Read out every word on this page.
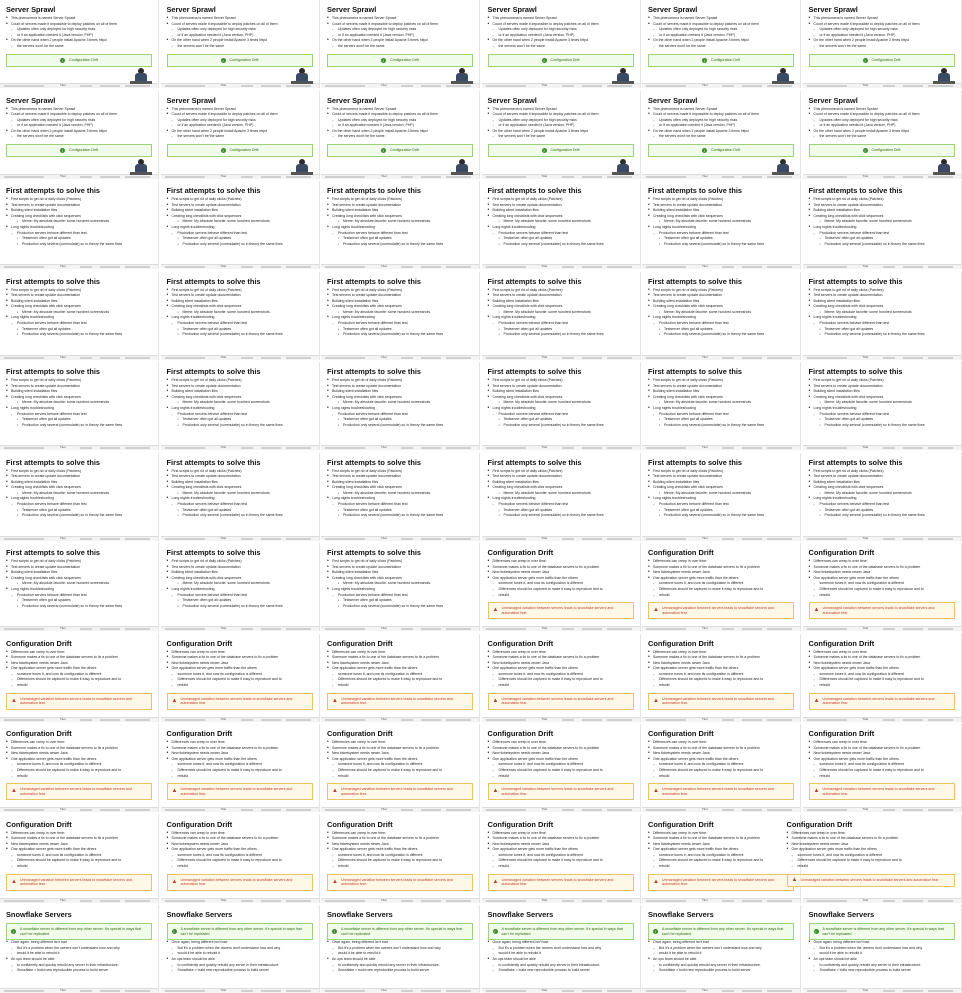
Server Sprawl
• This phenomena is named Server Sprawl
• Count of servers made it impossible to deploy patches on all of them
◦ Updates often only deployed for high security risks
◦ or if an application needed it (Java version, PHP)
• On the other hand when 2 people install Apache 3 times httpd
◦ the servers won't be the same
i	Configuration Drift
Titel
Server Sprawl
• This phenomena is named Server Sprawl
• Count of servers made it impossible to deploy patches on all of them
◦ Updates often only deployed for high security risks
◦ or if an application needed it (Java version, PHP)
• On the other hand when 2 people install Apache 3 times httpd
◦ the servers won't be the same
i	Configuration Drift
Titel
Server Sprawl
• This phenomena is named Server Sprawl
• Count of servers made it impossible to deploy patches on all of them
◦ Updates often only deployed for high security risks
◦ or if an application needed it (Java version, PHP)
• On the other hand when 2 people install Apache 3 times httpd
◦ the servers won't be the same
i	Configuration Drift
Titel
Server Sprawl
• This phenomena is named Server Sprawl
• Count of servers made it impossible to deploy patches on all of them
◦ Updates often only deployed for high security risks
◦ or if an application needed it (Java version, PHP)
• On the other hand when 2 people install Apache 3 times httpd
◦ the servers won't be the same
i	Configuration Drift
Titel
Server Sprawl
• This phenomena is named Server Sprawl
• Count of servers made it impossible to deploy patches on all of them
◦ Updates often only deployed for high security risks
◦ or if an application needed it (Java version, PHP)
• On the other hand when 2 people install Apache 3 times httpd
◦ the servers won't be the same
i	Configuration Drift
Titel
Server Sprawl
• This phenomena is named Server Sprawl
• Count of servers made it impossible to deploy patches on all of them
◦ Updates often only deployed for high security risks
◦ or if an application needed it (Java version, PHP)
• On the other hand when 2 people install Apache 3 times httpd
◦ the servers won't be the same
i	Configuration Drift
Titel
Server Sprawl
• This phenomena is named Server Sprawl
• Count of servers made it impossible to deploy patches on all of them
◦ Updates often only deployed for high security risks
◦ or if an application needed it (Java version, PHP)
• On the other hand when 2 people install Apache 3 times httpd
◦ the servers won't be the same
i	Configuration Drift
Titel
Server Sprawl
• This phenomena is named Server Sprawl
• Count of servers made it impossible to deploy patches on all of them
◦ Updates often only deployed for high security risks
◦ or if an application needed it (Java version, PHP)
• On the other hand when 2 people install Apache 3 times httpd
◦ the servers won't be the same
i	Configuration Drift
Titel
Server Sprawl
• This phenomena is named Server Sprawl
• Count of servers made it impossible to deploy patches on all of them
◦ Updates often only deployed for high security risks
◦ or if an application needed it (Java version, PHP)
• On the other hand when 2 people install Apache 3 times httpd
◦ the servers won't be the same
i	Configuration Drift
Titel
Server Sprawl
• This phenomena is named Server Sprawl
• Count of servers made it impossible to deploy patches on all of them
◦ Updates often only deployed for high security risks
◦ or if an application needed it (Java version, PHP)
• On the other hand when 2 people install Apache 3 times httpd
◦ the servers won't be the same
i	Configuration Drift
Titel
Server Sprawl
• This phenomena is named Server Sprawl
• Count of servers made it impossible to deploy patches on all of them
◦ Updates often only deployed for high security risks
◦ or if an application needed it (Java version, PHP)
• On the other hand when 2 people install Apache 3 times httpd
◦ the servers won't be the same
i	Configuration Drift
Titel
Server Sprawl
• This phenomena is named Server Sprawl
• Count of servers made it impossible to deploy patches on all of them
◦ Updates often only deployed for high security risks
◦ or if an application needed it (Java version, PHP)
• On the other hand when 2 people install Apache 3 times httpd
◦ the servers won't be the same
i	Configuration Drift
Titel
First attempts to solve this
• First scripts to get rid of daily clicks (Patches)
• Test servers to create update documentation
• Building silent installation files
• Creating long checklists with click sequences
▪ Meme: My absolute favorite: some hundred screenshots
• Long nights troubleshooting
◦ Production servers behave different than test
▪ Testserver often got all updates
▪ Production only several (cummulatie) so in theory the same fixes
Titel
First attempts to solve this
• First scripts to get rid of daily clicks (Patches)
• Test servers to create update documentation
• Building silent installation files
• Creating long checklists with click sequences
▪ Meme: My absolute favorite: some hundred screenshots
• Long nights troubleshooting
◦ Production servers behave different than test
▪ Testserver often got all updates
▪ Production only several (cummulatie) so in theory the same fixes
Titel
First attempts to solve this
• First scripts to get rid of daily clicks (Patches)
• Test servers to create update documentation
• Building silent installation files
• Creating long checklists with click sequences
▪ Meme: My absolute favorite: some hundred screenshots
• Long nights troubleshooting
◦ Production servers behave different than test
▪ Testserver often got all updates
▪ Production only several (cummulatie) so in theory the same fixes
Titel
First attempts to solve this
• First scripts to get rid of daily clicks (Patches)
• Test servers to create update documentation
• Building silent installation files
• Creating long checklists with click sequences
▪ Meme: My absolute favorite: some hundred screenshots
• Long nights troubleshooting
◦ Production servers behave different than test
▪ Testserver often got all updates
▪ Production only several (cummulatie) so in theory the same fixes
Titel
First attempts to solve this
• First scripts to get rid of daily clicks (Patches)
• Test servers to create update documentation
• Building silent installation files
• Creating long checklists with click sequences
▪ Meme: My absolute favorite: some hundred screenshots
• Long nights troubleshooting
◦ Production servers behave different than test
▪ Testserver often got all updates
▪ Production only several (cummulatie) so in theory the same fixes
Titel
First attempts to solve this
• First scripts to get rid of daily clicks (Patches)
• Test servers to create update documentation
• Building silent installation files
• Creating long checklists with click sequences
▪ Meme: My absolute favorite: some hundred screenshots
• Long nights troubleshooting
◦ Production servers behave different than test
▪ Testserver often got all updates
▪ Production only several (cummulatie) so in theory the same fixes
Titel
First attempts to solve this
• First scripts to get rid of daily clicks (Patches)
• Test servers to create update documentation
• Building silent installation files
• Creating long checklists with click sequences
▪ Meme: My absolute favorite: some hundred screenshots
• Long nights troubleshooting
◦ Production servers behave different than test
▪ Testserver often got all updates
▪ Production only several (cummulatie) so in theory the same fixes
Titel
First attempts to solve this
• First scripts to get rid of daily clicks (Patches)
• Test servers to create update documentation
• Building silent installation files
• Creating long checklists with click sequences
▪ Meme: My absolute favorite: some hundred screenshots
• Long nights troubleshooting
◦ Production servers behave different than test
▪ Testserver often got all updates
▪ Production only several (cummulatie) so in theory the same fixes
Titel
First attempts to solve this
• First scripts to get rid of daily clicks (Patches)
• Test servers to create update documentation
• Building silent installation files
• Creating long checklists with click sequences
▪ Meme: My absolute favorite: some hundred screenshots
• Long nights troubleshooting
◦ Production servers behave different than test
▪ Testserver often got all updates
▪ Production only several (cummulatie) so in theory the same fixes
Titel
First attempts to solve this
• First scripts to get rid of daily clicks (Patches)
• Test servers to create update documentation
• Building silent installation files
• Creating long checklists with click sequences
▪ Meme: My absolute favorite: some hundred screenshots
• Long nights troubleshooting
◦ Production servers behave different than test
▪ Testserver often got all updates
▪ Production only several (cummulatie) so in theory the same fixes
Titel
First attempts to solve this
• First scripts to get rid of daily clicks (Patches)
• Test servers to create update documentation
• Building silent installation files
• Creating long checklists with click sequences
▪ Meme: My absolute favorite: some hundred screenshots
• Long nights troubleshooting
◦ Production servers behave different than test
▪ Testserver often got all updates
▪ Production only several (cummulatie) so in theory the same fixes
Titel
First attempts to solve this
• First scripts to get rid of daily clicks (Patches)
• Test servers to create update documentation
• Building silent installation files
• Creating long checklists with click sequences
▪ Meme: My absolute favorite: some hundred screenshots
• Long nights troubleshooting
◦ Production servers behave different than test
▪ Testserver often got all updates
▪ Production only several (cummulatie) so in theory the same fixes
Titel
First attempts to solve this
• First scripts to get rid of daily clicks (Patches)
• Test servers to create update documentation
• Building silent installation files
• Creating long checklists with click sequences
▪ Meme: My absolute favorite: some hundred screenshots
• Long nights troubleshooting
◦ Production servers behave different than test
▪ Testserver often got all updates
▪ Production only several (cummulatie) so in theory the same fixes
Titel
First attempts to solve this
• First scripts to get rid of daily clicks (Patches)
• Test servers to create update documentation
• Building silent installation files
• Creating long checklists with click sequences
▪ Meme: My absolute favorite: some hundred screenshots
• Long nights troubleshooting
◦ Production servers behave different than test
▪ Testserver often got all updates
▪ Production only several (cummulatie) so in theory the same fixes
Titel
First attempts to solve this
• First scripts to get rid of daily clicks (Patches)
• Test servers to create update documentation
• Building silent installation files
• Creating long checklists with click sequences
▪ Meme: My absolute favorite: some hundred screenshots
• Long nights troubleshooting
◦ Production servers behave different than test
▪ Testserver often got all updates
▪ Production only several (cummulatie) so in theory the same fixes
Titel
First attempts to solve this
• First scripts to get rid of daily clicks (Patches)
• Test servers to create update documentation
• Building silent installation files
• Creating long checklists with click sequences
▪ Meme: My absolute favorite: some hundred screenshots
• Long nights troubleshooting
◦ Production servers behave different than test
▪ Testserver often got all updates
▪ Production only several (cummulatie) so in theory the same fixes
Titel
First attempts to solve this
• First scripts to get rid of daily clicks (Patches)
• Test servers to create update documentation
• Building silent installation files
• Creating long checklists with click sequences
▪ Meme: My absolute favorite: some hundred screenshots
• Long nights troubleshooting
◦ Production servers behave different than test
▪ Testserver often got all updates
▪ Production only several (cummulatie) so in theory the same fixes
Titel
First attempts to solve this
• First scripts to get rid of daily clicks (Patches)
• Test servers to create update documentation
• Building silent installation files
• Creating long checklists with click sequences
▪ Meme: My absolute favorite: some hundred screenshots
• Long nights troubleshooting
◦ Production servers behave different than test
▪ Testserver often got all updates
▪ Production only several (cummulatie) so in theory the same fixes
Titel
First attempts to solve this
• First scripts to get rid of daily clicks (Patches)
• Test servers to create update documentation
• Building silent installation files
• Creating long checklists with click sequences
▪ Meme: My absolute favorite: some hundred screenshots
• Long nights troubleshooting
◦ Production servers behave different than test
▪ Testserver often got all updates
▪ Production only several (cummulatie) so in theory the same fixes
Titel
First attempts to solve this
• First scripts to get rid of daily clicks (Patches)
• Test servers to create update documentation
• Building silent installation files
• Creating long checklists with click sequences
▪ Meme: My absolute favorite: some hundred screenshots
• Long nights troubleshooting
◦ Production servers behave different than test
▪ Testserver often got all updates
▪ Production only several (cummulatie) so in theory the same fixes
Titel
First attempts to solve this
• First scripts to get rid of daily clicks (Patches)
• Test servers to create update documentation
• Building silent installation files
• Creating long checklists with click sequences
▪ Meme: My absolute favorite: some hundred screenshots
• Long nights troubleshooting
◦ Production servers behave different than test
▪ Testserver often got all updates
▪ Production only several (cummulatie) so in theory the same fixes
Titel
First attempts to solve this
• First scripts to get rid of daily clicks (Patches)
• Test servers to create update documentation
• Building silent installation files
• Creating long checklists with click sequences
▪ Meme: My absolute favorite: some hundred screenshots
• Long nights troubleshooting
◦ Production servers behave different than test
▪ Testserver often got all updates
▪ Production only several (cummulatie) so in theory the same fixes
Titel
First attempts to solve this
• First scripts to get rid of daily clicks (Patches)
• Test servers to create update documentation
• Building silent installation files
• Creating long checklists with click sequences
▪ Meme: My absolute favorite: some hundred screenshots
• Long nights troubleshooting
◦ Production servers behave different than test
▪ Testserver often got all updates
▪ Production only several (cummulatie) so in theory the same fixes
Titel
First attempts to solve this
• First scripts to get rid of daily clicks (Patches)
• Test servers to create update documentation
• Building silent installation files
• Creating long checklists with click sequences
▪ Meme: My absolute favorite: some hundred screenshots
• Long nights troubleshooting
◦ Production servers behave different than test
▪ Testserver often got all updates
▪ Production only several (cummulatie) so in theory the same fixes
Titel
First attempts to solve this
• First scripts to get rid of daily clicks (Patches)
• Test servers to create update documentation
• Building silent installation files
• Creating long checklists with click sequences
▪ Meme: My absolute favorite: some hundred screenshots
• Long nights troubleshooting
◦ Production servers behave different than test
▪ Testserver often got all updates
▪ Production only several (cummulatie) so in theory the same fixes
Titel
First attempts to solve this
• First scripts to get rid of daily clicks (Patches)
• Test servers to create update documentation
• Building silent installation files
• Creating long checklists with click sequences
▪ Meme: My absolute favorite: some hundred screenshots
• Long nights troubleshooting
◦ Production servers behave different than test
▪ Testserver often got all updates
▪ Production only several (cummulatie) so in theory the same fixes
Titel
First attempts to solve this
• First scripts to get rid of daily clicks (Patches)
• Test servers to create update documentation
• Building silent installation files
• Creating long checklists with click sequences
▪ Meme: My absolute favorite: some hundred screenshots
• Long nights troubleshooting
◦ Production servers behave different than test
▪ Testserver often got all updates
▪ Production only several (cummulatie) so in theory the same fixes
Titel
Configuration Drift
• Differences can creep in over time:
• Someone makes a fix to one of the database servers to fix a problem
• New ticketsystem needs newer Java
• One application server gets more traffic than the others
◦ someone tunes it, and now its configuration is different
◦ Differences should be captured to make it easy to reproduce and to
◦ rebuild
▲ Unmanaged variation between servers leads to snowflake servers and automation fear.
Titel
Configuration Drift
• Differences can creep in over time:
• Someone makes a fix to one of the database servers to fix a problem
• New ticketsystem needs newer Java
• One application server gets more traffic than the others
◦ someone tunes it, and now its configuration is different
◦ Differences should be captured to make it easy to reproduce and to
◦ rebuild
▲ Unmanaged variation between servers leads to snowflake servers and automation fear.
Titel
Configuration Drift
• Differences can creep in over time:
• Someone makes a fix to one of the database servers to fix a problem
• New ticketsystem needs newer Java
• One application server gets more traffic than the others
◦ someone tunes it, and now its configuration is different
◦ Differences should be captured to make it easy to reproduce and to
◦ rebuild
▲ Unmanaged variation between servers leads to snowflake servers and automation fear.
Titel
Configuration Drift
• Differences can creep in over time:
• Someone makes a fix to one of the database servers to fix a problem
• New ticketsystem needs newer Java
• One application server gets more traffic than the others
◦ someone tunes it, and now its configuration is different
◦ Differences should be captured to make it easy to reproduce and to
◦ rebuild
▲ Unmanaged variation between servers leads to snowflake servers and automation fear.
Titel
Configuration Drift
• Differences can creep in over time:
• Someone makes a fix to one of the database servers to fix a problem
• New ticketsystem needs newer Java
• One application server gets more traffic than the others
◦ someone tunes it, and now its configuration is different
◦ Differences should be captured to make it easy to reproduce and to
◦ rebuild
▲ Unmanaged variation between servers leads to snowflake servers and automation fear.
Titel
Configuration Drift
• Differences can creep in over time:
• Someone makes a fix to one of the database servers to fix a problem
• New ticketsystem needs newer Java
• One application server gets more traffic than the others
◦ someone tunes it, and now its configuration is different
◦ Differences should be captured to make it easy to reproduce and to
◦ rebuild
▲ Unmanaged variation between servers leads to snowflake servers and automation fear.
Titel
Configuration Drift
• Differences can creep in over time:
• Someone makes a fix to one of the database servers to fix a problem
• New ticketsystem needs newer Java
• One application server gets more traffic than the others
◦ someone tunes it, and now its configuration is different
◦ Differences should be captured to make it easy to reproduce and to
◦ rebuild
▲ Unmanaged variation between servers leads to snowflake servers and automation fear.
Titel
Configuration Drift
• Differences can creep in over time:
• Someone makes a fix to one of the database servers to fix a problem
• New ticketsystem needs newer Java
• One application server gets more traffic than the others
◦ someone tunes it, and now its configuration is different
◦ Differences should be captured to make it easy to reproduce and to
◦ rebuild
▲ Unmanaged variation between servers leads to snowflake servers and automation fear.
Titel
Configuration Drift
• Differences can creep in over time:
• Someone makes a fix to one of the database servers to fix a problem
• New ticketsystem needs newer Java
• One application server gets more traffic than the others
◦ someone tunes it, and now its configuration is different
◦ Differences should be captured to make it easy to reproduce and to
◦ rebuild
▲ Unmanaged variation between servers leads to snowflake servers and automation fear.
Titel
Configuration Drift
• Differences can creep in over time:
• Someone makes a fix to one of the database servers to fix a problem
• New ticketsystem needs newer Java
• One application server gets more traffic than the others
◦ someone tunes it, and now its configuration is different
◦ Differences should be captured to make it easy to reproduce and to
◦ rebuild
▲ Unmanaged variation between servers leads to snowflake servers and automation fear.
Titel
Configuration Drift
• Differences can creep in over time:
• Someone makes a fix to one of the database servers to fix a problem
• New ticketsystem needs newer Java
• One application server gets more traffic than the others
◦ someone tunes it, and now its configuration is different
◦ Differences should be captured to make it easy to reproduce and to
◦ rebuild
▲ Unmanaged variation between servers leads to snowflake servers and automation fear.
Titel
Configuration Drift
• Differences can creep in over time:
• Someone makes a fix to one of the database servers to fix a problem
• New ticketsystem needs newer Java
• One application server gets more traffic than the others
◦ someone tunes it, and now its configuration is different
◦ Differences should be captured to make it easy to reproduce and to
◦ rebuild
▲ Unmanaged variation between servers leads to snowflake servers and automation fear.
Titel
Configuration Drift
• Differences can creep in over time:
• Someone makes a fix to one of the database servers to fix a problem
• New ticketsystem needs newer Java
• One application server gets more traffic than the others
◦ someone tunes it, and now its configuration is different
◦ Differences should be captured to make it easy to reproduce and to
◦ rebuild
▲ Unmanaged variation between servers leads to snowflake servers and automation fear.
Titel
Configuration Drift
• Differences can creep in over time:
• Someone makes a fix to one of the database servers to fix a problem
• New ticketsystem needs newer Java
• One application server gets more traffic than the others
◦ someone tunes it, and now its configuration is different
◦ Differences should be captured to make it easy to reproduce and to
◦ rebuild
▲ Unmanaged variation between servers leads to snowflake servers and automation fear.
Titel
Configuration Drift
• Differences can creep in over time:
• Someone makes a fix to one of the database servers to fix a problem
• New ticketsystem needs newer Java
• One application server gets more traffic than the others
◦ someone tunes it, and now its configuration is different
◦ Differences should be captured to make it easy to reproduce and to
◦ rebuild
▲ Unmanaged variation between servers leads to snowflake servers and automation fear.
Titel
Configuration Drift
• Differences can creep in over time:
• Someone makes a fix to one of the database servers to fix a problem
• New ticketsystem needs newer Java
• One application server gets more traffic than the others
◦ someone tunes it, and now its configuration is different
◦ Differences should be captured to make it easy to reproduce and to
◦ rebuild
▲ Unmanaged variation between servers leads to snowflake servers and automation fear.
Titel
Configuration Drift
• Differences can creep in over time:
• Someone makes a fix to one of the database servers to fix a problem
• New ticketsystem needs newer Java
• One application server gets more traffic than the others
◦ someone tunes it, and now its configuration is different
◦ Differences should be captured to make it easy to reproduce and to
◦ rebuild
▲ Unmanaged variation between servers leads to snowflake servers and automation fear.
Titel
Configuration Drift
• Differences can creep in over time:
• Someone makes a fix to one of the database servers to fix a problem
• New ticketsystem needs newer Java
• One application server gets more traffic than the others
◦ someone tunes it, and now its configuration is different
◦ Differences should be captured to make it easy to reproduce and to
◦ rebuild
▲ Unmanaged variation between servers leads to snowflake servers and automation fear.
Titel
Configuration Drift
• Differences can creep in over time:
• Someone makes a fix to one of the database servers to fix a problem
• New ticketsystem needs newer Java
• One application server gets more traffic than the others
◦ someone tunes it, and now its configuration is different
◦ Differences should be captured to make it easy to reproduce and to
◦ rebuild
▲ Unmanaged variation between servers leads to snowflake servers and automation fear.
Titel
Configuration Drift
• Differences can creep in over time:
• Someone makes a fix to one of the database servers to fix a problem
• New ticketsystem needs newer Java
• One application server gets more traffic than the others
◦ someone tunes it, and now its configuration is different
◦ Differences should be captured to make it easy to reproduce and to
◦ rebuild
▲ Unmanaged variation between servers leads to snowflake servers and automation fear.
Titel
Configuration Drift
• Differences can creep in over time:
• Someone makes a fix to one of the database servers to fix a problem
• New ticketsystem needs newer Java
• One application server gets more traffic than the others
◦ someone tunes it, and now its configuration is different
◦ Differences should be captured to make it easy to reproduce and to
◦ rebuild
▲ Unmanaged variation between servers leads to snowflake servers and automation fear.
Titel
Snowflake Servers
i
A snowflake server is different from any other server. It's special in ways that can't be replicated
• Once again, being different isn't bad
◦ But it's a problem when the owners don't understand how and why
◦ would it be able to rebuild it
• An ops team should be able
◦ to confidently and quickly rebuild any server in their infrastructure.
◦ Snowflake > build new reproducible process to build server
Titel
Snowflake Servers
i
A snowflake server is different from any other server. It's special in ways that can't be replicated
• Once again, being different isn't bad
◦ But it's a problem when the owners don't understand how and why
◦ would it be able to rebuild it
• An ops team should be able
◦ to confidently and quickly rebuild any server in their infrastructure.
◦ Snowflake > build new reproducible process to build server
Titel
Snowflake Servers
i
A snowflake server is different from any other server. It's special in ways that can't be replicated
• Once again, being different isn't bad
◦ But it's a problem when the owners don't understand how and why
◦ would it be able to rebuild it
• An ops team should be able
◦ to confidently and quickly rebuild any server in their infrastructure.
◦ Snowflake > build new reproducible process to build server
Titel
Snowflake Servers
i
A snowflake server is different from any other server. It's special in ways that can't be replicated
• Once again, being different isn't bad
◦ But it's a problem when the owners don't understand how and why
◦ would it be able to rebuild it
• An ops team should be able
◦ to confidently and quickly rebuild any server in their infrastructure.
◦ Snowflake > build new reproducible process to build server
Titel
Snowflake Servers
i
A snowflake server is different from any other server. It's special in ways that can't be replicated
• Once again, being different isn't bad
◦ But it's a problem when the owners don't understand how and why
◦ would it be able to rebuild it
• An ops team should be able
◦ to confidently and quickly rebuild any server in their infrastructure.
◦ Snowflake > build new reproducible process to build server
Titel
Snowflake Servers
i
A snowflake server is different from any other server. It's special in ways that can't be replicated
• Once again, being different isn't bad
◦ But it's a problem when the owners don't understand how and why
◦ would it be able to rebuild it
• An ops team should be able
◦ to confidently and quickly rebuild any server in their infrastructure.
◦ Snowflake > build new reproducible process to build server
Titel
